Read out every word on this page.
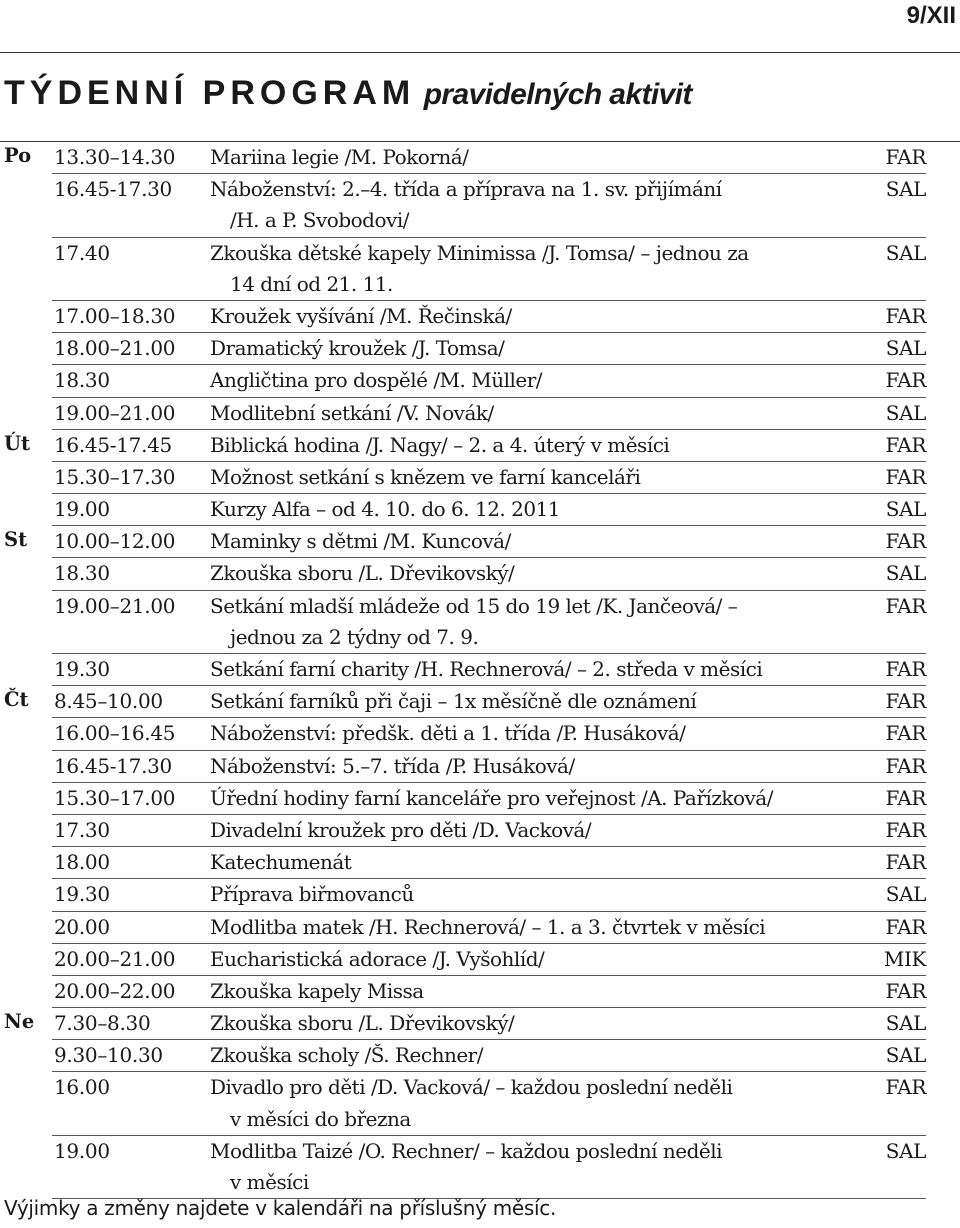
9/XII
TÝDENNÍ PROGRAM pravidelných aktivit
Po 13.30–14.30 Mariina legie /M. Pokorná/	FAR
16.45-17.30 Náboženství: 2.–4. třída a příprava na 1. sv. přijímání	SAL
/H. a P. Svobodovi/
17.40	Zkouška dětské kapely Minimissa /J. Tomsa/ – jednou za	SAL
14 dní od 21. 11.
17.00–18.30 Kroužek vyšívání /M. Řečinská/	FAR
18.00–21.00 Dramatický kroužek /J. Tomsa/	SAL
18.30	Angličtina pro dospělé /M. Müller/	FAR
19.00–21.00 Modlitební setkání /V. Novák/	SAL
Út 16.45-17.45 Biblická hodina /J. Nagy/ – 2. a 4. úterý v měsíci	FAR
15.30–17.30 Možnost setkání s knězem ve farní kanceláři	FAR
19.00	Kurzy Alfa – od 4. 10. do 6. 12. 2011	SAL
St 10.00–12.00 Maminky s dětmi /M. Kuncová/	FAR
18.30	Zkouška sboru /L. Dřevikovský/	SAL
19.00–21.00 Setkání mladší mládeže od 15 do 19 let /K. Jančeová/ –	FAR
jednou za 2 týdny od 7. 9.
19.30	Setkání farní charity /H. Rechnerová/ – 2. středa v měsíci	FAR
Čt 8.45–10.00 Setkání farníků při čaji – 1x měsíčně dle oznámení	FAR
16.00–16.45 Náboženství: předšk. děti a 1. třída /P. Husáková/	FAR
16.45-17.30 Náboženství: 5.–7. třída /P. Husáková/	FAR
15.30–17.00 Úřední hodiny farní kanceláře pro veřejnost /A. Pařízková/	FAR
17.30	Divadelní kroužek pro děti /D. Vacková/	FAR
18.00	Katechumenát	FAR
19.30	Příprava biřmovanců	SAL
20.00	Modlitba matek /H. Rechnerová/ – 1. a 3. čtvrtek v měsíci	FAR
20.00–21.00 Eucharistická adorace /J. Vyšohlíd/	MIK
20.00–22.00 Zkouška kapely Missa	FAR
Ne 7.30–8.30	Zkouška sboru /L. Dřevikovský/	SAL
9.30–10.30 Zkouška scholy /Š. Rechner/	SAL
16.00	Divadlo pro děti /D. Vacková/ – každou poslední neděli	FAR
v měsíci do března
19.00	Modlitba Taizé /O. Rechner/ – každou poslední neděli	SAL
v měsíci
Výjimky a změny najdete v kalendáři na příslušný měsíc.
